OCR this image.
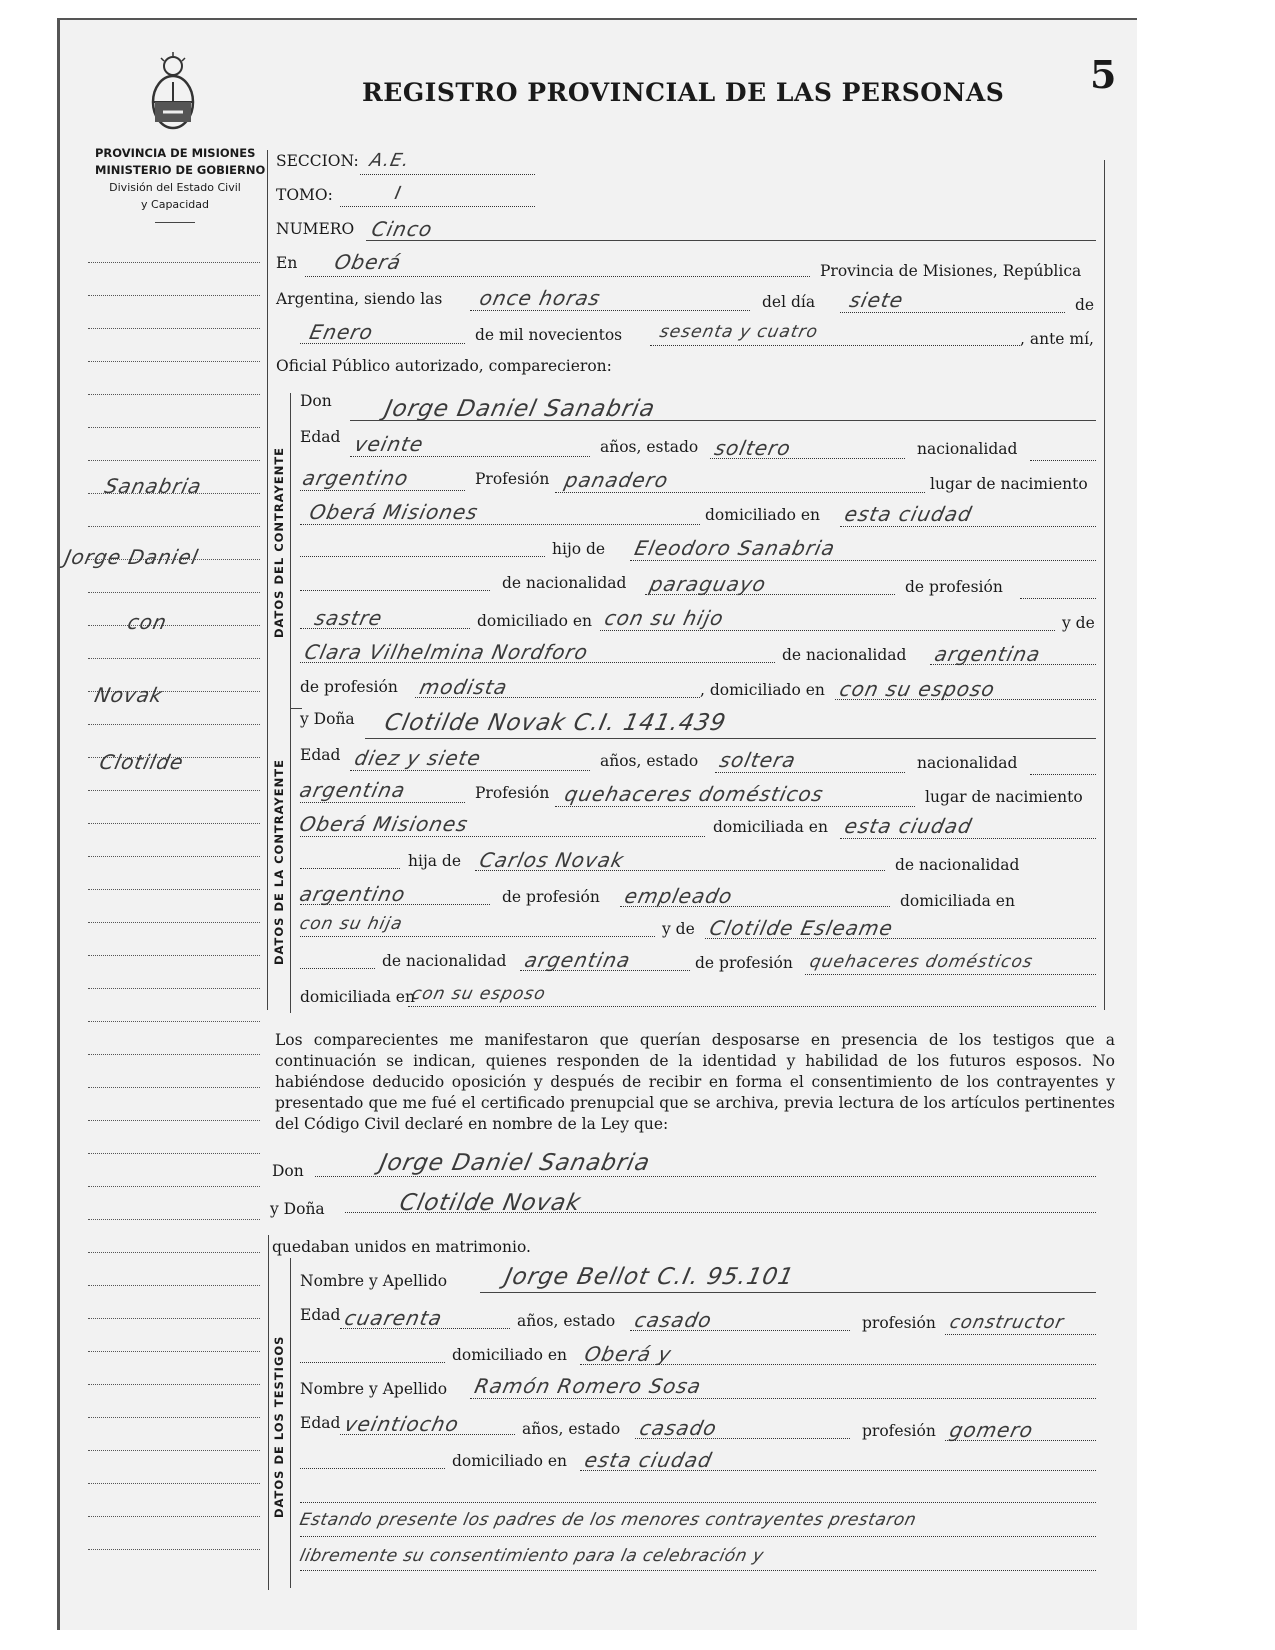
REGISTRO PROVINCIAL DE LAS PERSONAS 5
PROVINCIA DE MISIONES
MINISTERIO DE GOBIERNO
División del Estado Civil
y Capacidad
Sanabria
Jorge Daniel
con
Novak
Clotilde
SECCION: A.E.
TOMO:	I
NUMERO Cinco
En Oberá	Provincia de Misiones, República
Argentina, siendo las once horas	del día siete	de
Enero	de mil novecientos sesenta y cuatro	, ante mí,
Oficial Público autorizado, comparecieron:
DATOS DEL CONTRAYENTE
Don Jorge Daniel Sanabria
Edad veinte	años, estado soltero	nacionalidad
argentino	Profesión panadero	lugar de nacimiento
Oberá Misiones	domiciliado en esta ciudad
hijo de Eleodoro Sanabria
de nacionalidad paraguayo	de profesión
sastre	domiciliado en con su hijo	y de
Clara Vilhelmina Nordforo	de nacionalidad argentina
de profesión modista	, domiciliado en con su esposo
DATOS DE LA CONTRAYENTE
y Doña Clotilde Novak C.I. 141.439
Edad diez y siete	años, estado soltera	nacionalidad
argentina	Profesión quehaceres domésticos	lugar de nacimiento
Oberá Misiones	domiciliada en esta ciudad
hija de Carlos Novak	de nacionalidad
argentino	de profesión empleado	domiciliada en
con su hija	y de Clotilde Esleame
de nacionalidad argentina	de profesión quehaceres domésticos
domiciliada en
con su esposo
Los comparecientes me manifestaron que querían desposarse en presencia de los testigos que a continuación se indican, quienes responden de la identidad y habilidad de los futuros esposos. No habiéndose deducido oposición y después de recibir en forma el consentimiento de los contrayentes y presentado que me fué el certificado prenupcial que se archiva, previa lectura de los artículos pertinentes del Código Civil declaré en nombre de la Ley que:
Don	Jorge Daniel Sanabria
y Doña	Clotilde Novak
quedaban unidos en matrimonio.
DATOS DE LOS TESTIGOS
Nombre y Apellido Jorge Bellot C.I. 95.101
Edad cuarenta	años, estado casado	profesión constructor
domiciliado en Oberá y
Nombre y Apellido Ramón Romero Sosa
Edad veintiocho	años, estado casado	profesión gomero
domiciliado en esta ciudad
Estando presente los padres de los menores contrayentes prestaron
libremente su consentimiento para la celebración y
